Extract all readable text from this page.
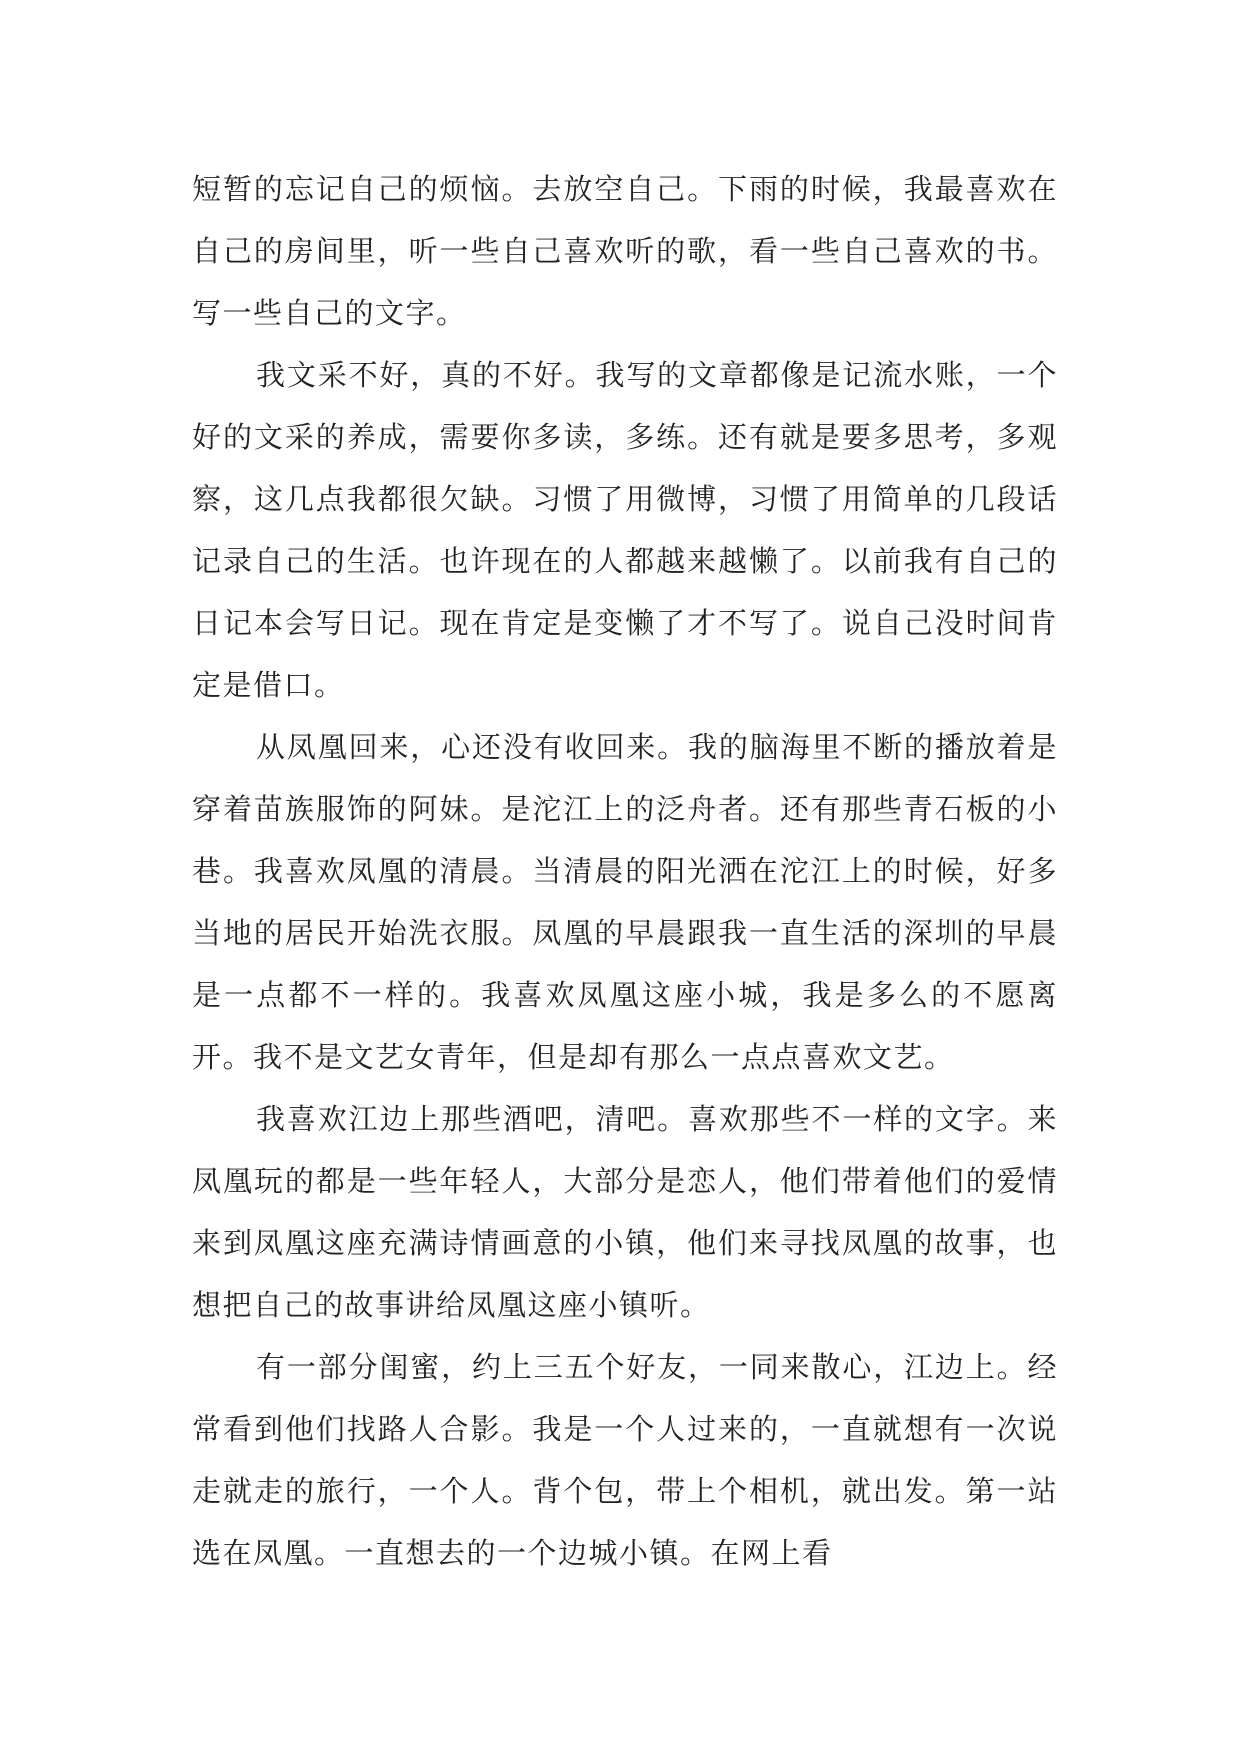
短暂的忘记自己的烦恼。去放空自己。下雨的时候，我最喜欢在自己的房间里，听一些自己喜欢听的歌，看一些自己喜欢的书。写一些自己的文字。

我文采不好，真的不好。我写的文章都像是记流水账，一个好的文采的养成，需要你多读，多练。还有就是要多思考，多观察，这几点我都很欠缺。习惯了用微博，习惯了用简单的几段话记录自己的生活。也许现在的人都越来越懒了。以前我有自己的日记本会写日记。现在肯定是变懒了才不写了。说自己没时间肯定是借口。

从凤凰回来，心还没有收回来。我的脑海里不断的播放着是穿着苗族服饰的阿妹。是沱江上的泛舟者。还有那些青石板的小巷。我喜欢凤凰的清晨。当清晨的阳光洒在沱江上的时候，好多当地的居民开始洗衣服。凤凰的早晨跟我一直生活的深圳的早晨是一点都不一样的。我喜欢凤凰这座小城，我是多么的不愿离开。我不是文艺女青年，但是却有那么一点点喜欢文艺。

我喜欢江边上那些酒吧，清吧。喜欢那些不一样的文字。来凤凰玩的都是一些年轻人，大部分是恋人，他们带着他们的爱情来到凤凰这座充满诗情画意的小镇，他们来寻找凤凰的故事，也想把自己的故事讲给凤凰这座小镇听。

有一部分闺蜜，约上三五个好友，一同来散心，江边上。经常看到他们找路人合影。我是一个人过来的，一直就想有一次说走就走的旅行，一个人。背个包，带上个相机，就出发。第一站选在凤凰。一直想去的一个边城小镇。在网上看
